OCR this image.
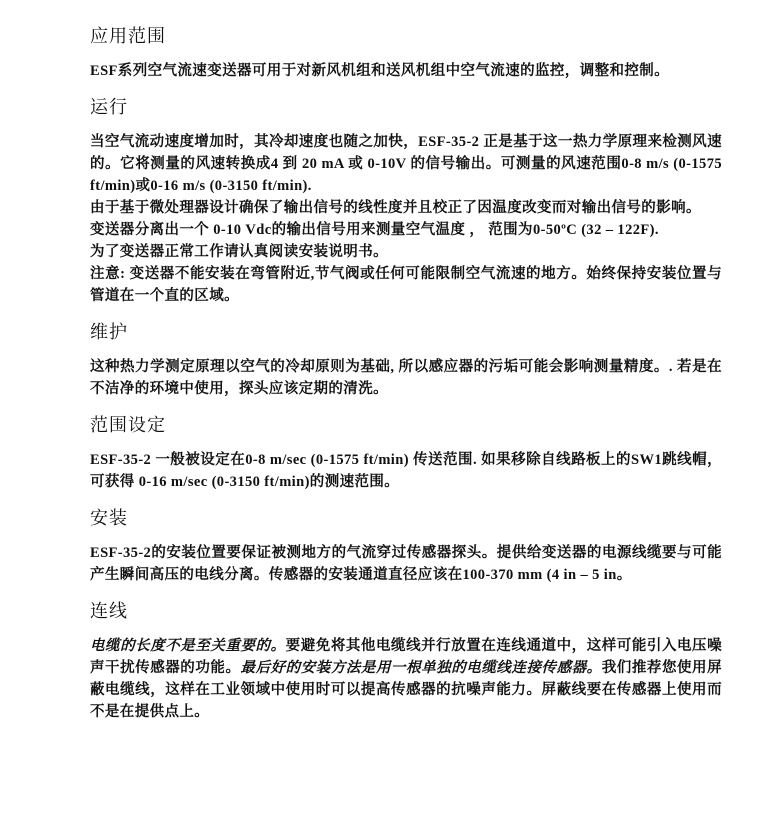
应用范围

ESF系列空气流速变送器可用于对新风机组和送风机组中空气流速的监控，调整和控制。

运行

当空气流动速度增加时，其冷却速度也随之加快，ESF-35-2 正是基于这一热力学原理来检测风速的。它将测量的风速转换成4 到 20 mA 或 0-10V 的信号输出。可测量的风速范围0-8 m/s (0-1575 ft/min)或0-16 m/s (0-3150 ft/min).

由于基于微处理器设计确保了输出信号的线性度并且校正了因温度改变而对输出信号的影响。

变送器分离出一个 0-10 Vdc的输出信号用来测量空气温度 ， 范围为0-50ºC (32 – 122F).

为了变送器正常工作请认真阅读安装说明书。

注意: 变送器不能安装在弯管附近,节气阀或任何可能限制空气流速的地方。始终保持安装位置与管道在一个直的区域。

维护

这种热力学测定原理以空气的冷却原则为基础, 所以感应器的污垢可能会影响测量精度。. 若是在不洁净的环境中使用，探头应该定期的清洗。

范围设定

ESF-35-2 一般被设定在0-8 m/sec (0-1575 ft/min) 传送范围. 如果移除自线路板上的SW1跳线帽，可获得 0-16 m/sec (0-3150 ft/min)的测速范围。

安装

ESF-35-2的安装位置要保证被测地方的气流穿过传感器探头。提供给变送器的电源线缆要与可能产生瞬间高压的电线分离。传感器的安装通道直径应该在100-370 mm (4 in – 5 in。

连线

电缆的长度不是至关重要的。要避免将其他电缆线并行放置在连线通道中，这样可能引入电压噪声干扰传感器的功能。最后好的安装方法是用一根单独的电缆线连接传感器。我们推荐您使用屏蔽电缆线，这样在工业领域中使用时可以提高传感器的抗噪声能力。屏蔽线要在传感器上使用而不是在提供点上。
